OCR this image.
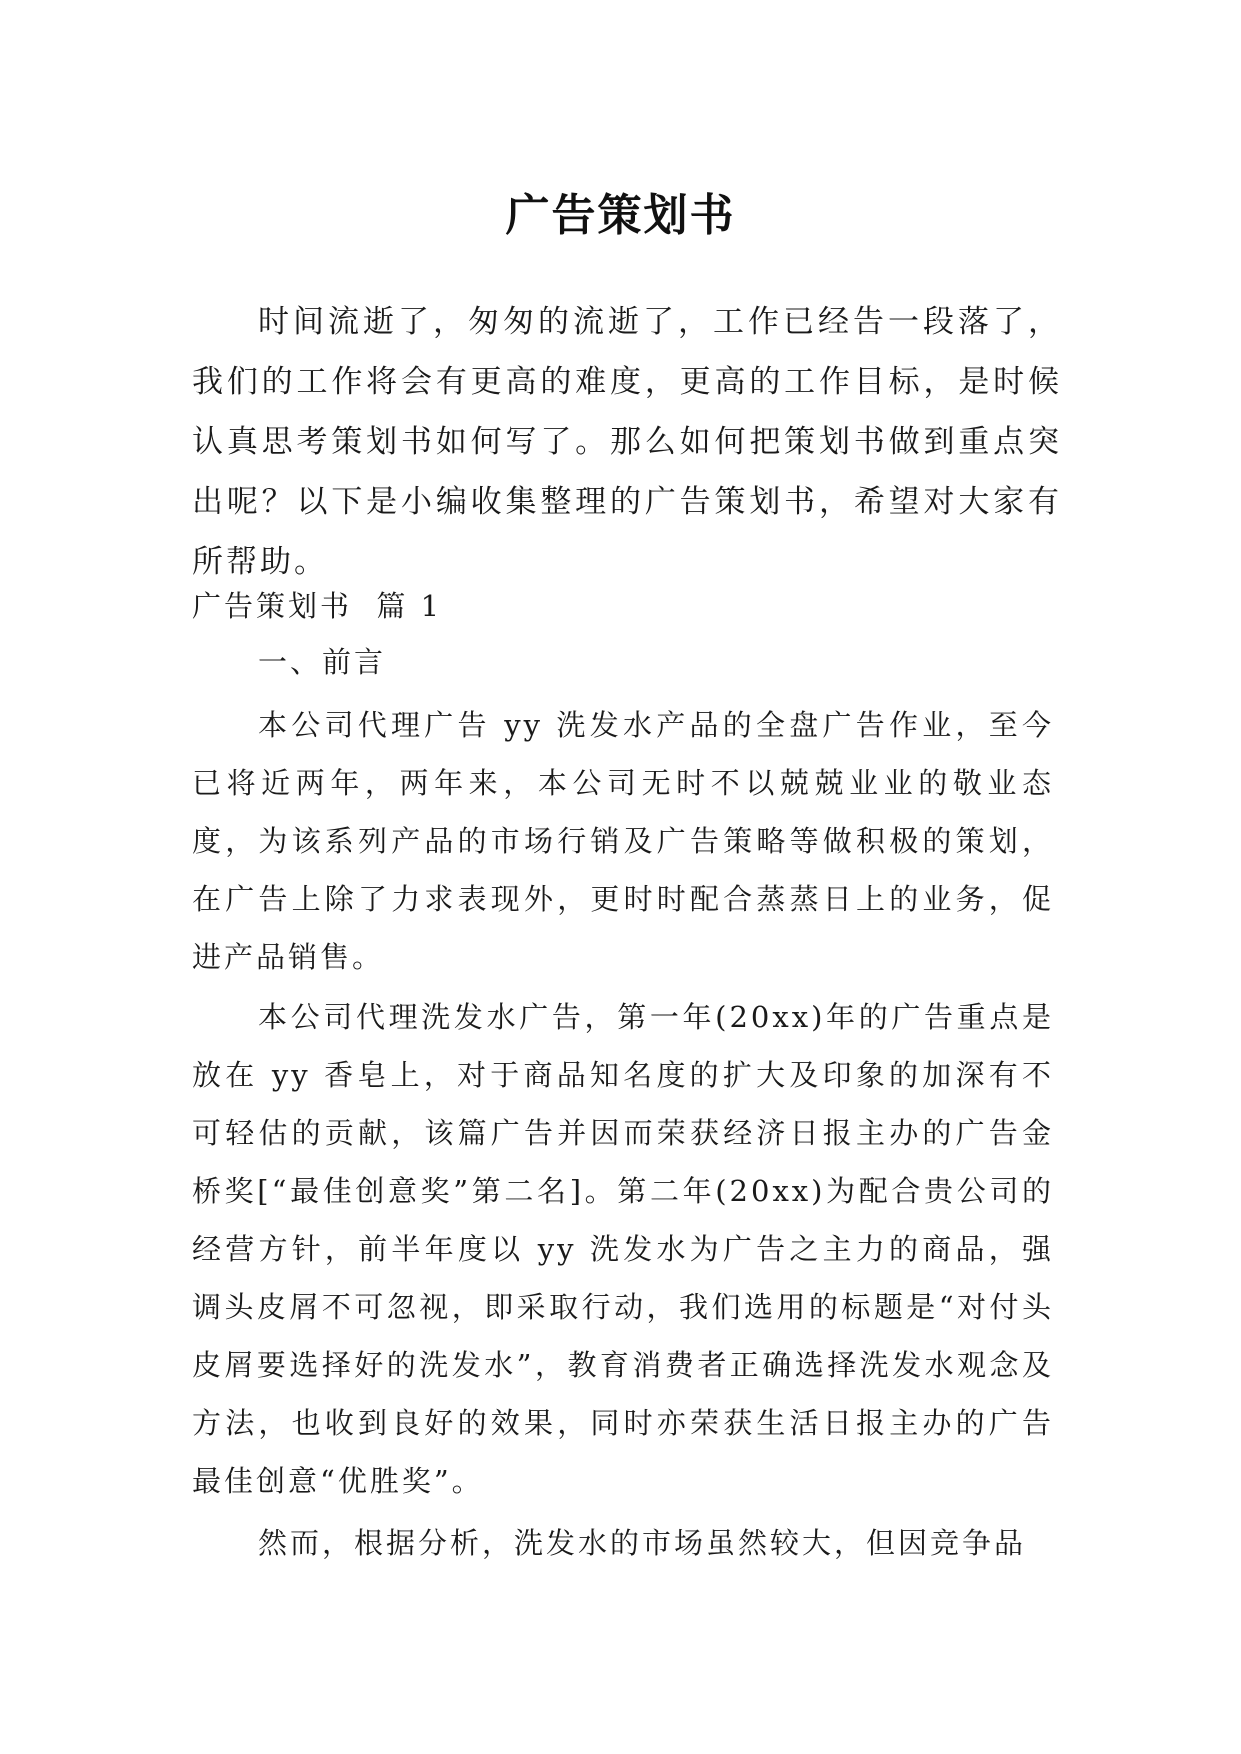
广告策划书

时间流逝了，匆匆的流逝了，工作已经告一段落了，我们的工作将会有更高的难度，更高的工作目标，是时候认真思考策划书如何写了。那么如何把策划书做到重点突出呢？以下是小编收集整理的广告策划书，希望对大家有所帮助。

广告策划书  篇 1

一、前言

本公司代理广告 yy 洗发水产品的全盘广告作业，至今已将近两年，两年来，本公司无时不以兢兢业业的敬业态度，为该系列产品的市场行销及广告策略等做积极的策划，在广告上除了力求表现外，更时时配合蒸蒸日上的业务，促进产品销售。

本公司代理洗发水广告，第一年(20xx)年的广告重点是放在 yy 香皂上，对于商品知名度的扩大及印象的加深有不可轻估的贡献，该篇广告并因而荣获经济日报主办的广告金桥奖[“最佳创意奖”第二名]。第二年(20xx)为配合贵公司的经营方针，前半年度以 yy 洗发水为广告之主力的商品，强调头皮屑不可忽视，即采取行动，我们选用的标题是“对付头皮屑要选择好的洗发水”，教育消费者正确选择洗发水观念及方法，也收到良好的效果，同时亦荣获生活日报主办的广告最佳创意“优胜奖”。

然而，根据分析，洗发水的市场虽然较大，但因竞争品
